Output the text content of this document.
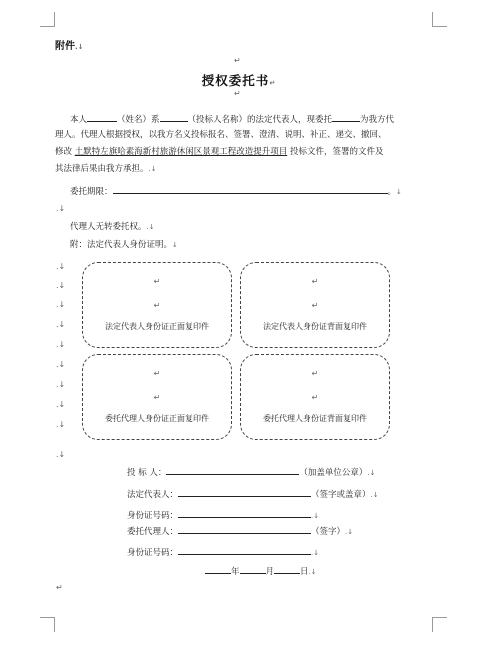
附件.↓
↵
授权委托书↵
↵
本人	（姓名）系	（投标人名称）的法定代表人，现委托	为我方代
理人。代理人根据授权，以我方名义投标报名、签署、澄清、说明、补正、递交、撤回、
修改 土默特左旗哈素海新村旅游休闲区景观工程改造提升项目 投标文件，签署的文件及
其法律后果由我方承担。.↓
委托期限：	。↓
.↓
代理人无转委托权。.↓
附：法定代表人身份证明。↓
.↓
.↓
.↓
.↓
.↓
.↓
.↓
.↓
.↓
.↓
↵
↵
法定代表人身份证正面复印件
↵
↵
法定代表人身份证背面复印件
↵
↵
委托代理人身份证正面复印件
↵
↵
委托代理人身份证背面复印件
投 标 人：	（加盖单位公章）.↓
法定代表人：	（签字或盖章）.↓
身份证号码：	.↓
委托代理人：	（签字）.↓
身份证号码：	.↓
年	月	日.↓
↵
